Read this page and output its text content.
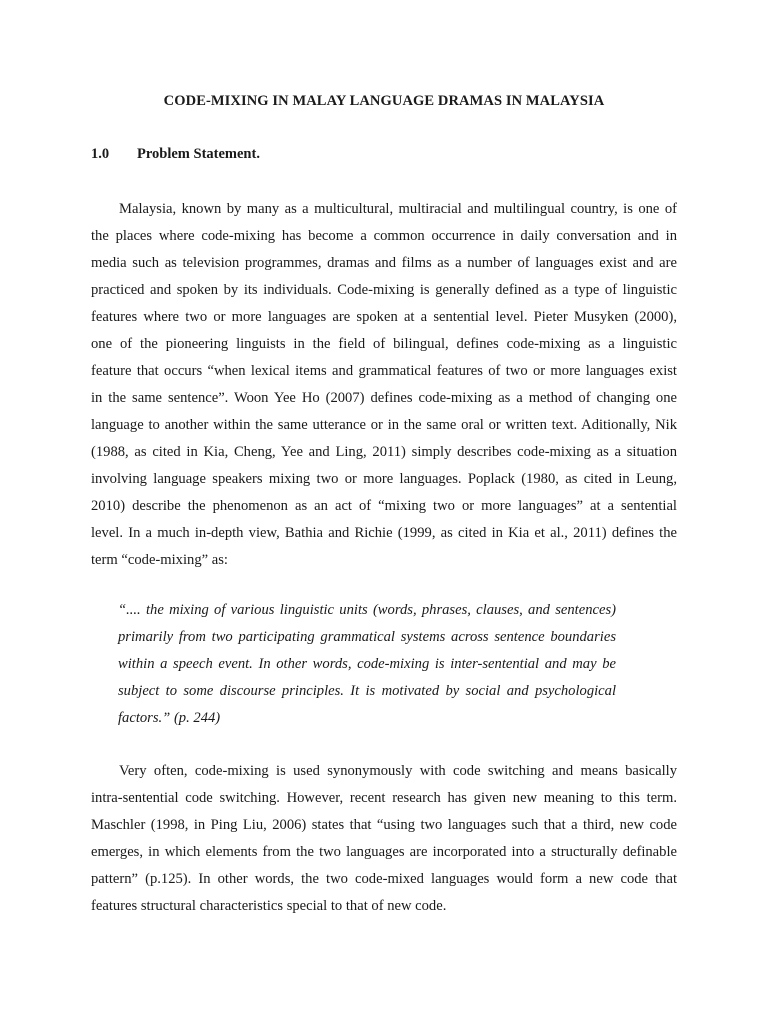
CODE-MIXING IN MALAY LANGUAGE DRAMAS IN MALAYSIA
1.0 Problem Statement.

Malaysia, known by many as a multicultural, multiracial and multilingual country, is one of
the places where code-mixing has become a common occurrence in daily conversation and in
media such as television programmes, dramas and films as a number of languages exist and are
practiced and spoken by its individuals. Code-mixing is generally defined as a type of linguistic
features where two or more languages are spoken at a sentential level. Pieter Musyken (2000),
one of the pioneering linguists in the field of bilingual, defines code-mixing as a linguistic
feature that occurs “when lexical items and grammatical features of two or more languages exist
in the same sentence”. Woon Yee Ho (2007) defines code-mixing as a method of changing one
language to another within the same utterance or in the same oral or written text. Aditionally, Nik
(1988, as cited in Kia, Cheng, Yee and Ling, 2011) simply describes code-mixing as a situation
involving language speakers mixing two or more languages. Poplack (1980, as cited in Leung,
2010) describe the phenomenon as an act of “mixing two or more languages” at a sentential
level. In a much in-depth view, Bathia and Richie (1999, as cited in Kia et al., 2011) defines the
term “code-mixing” as:

“.... the mixing of various linguistic units (words, phrases, clauses, and sentences)
primarily from two participating grammatical systems across sentence boundaries
within a speech event. In other words, code-mixing is inter-sentential and may be
subject to some discourse principles. It is motivated by social and psychological
factors.” (p. 244)

Very often, code-mixing is used synonymously with code switching and means basically
intra-sentential code switching. However, recent research has given new meaning to this term.
Maschler (1998, in Ping Liu, 2006) states that “using two languages such that a third, new code
emerges, in which elements from the two languages are incorporated into a structurally definable
pattern” (p.125). In other words, the two code-mixed languages would form a new code that
features structural characteristics special to that of new code.
